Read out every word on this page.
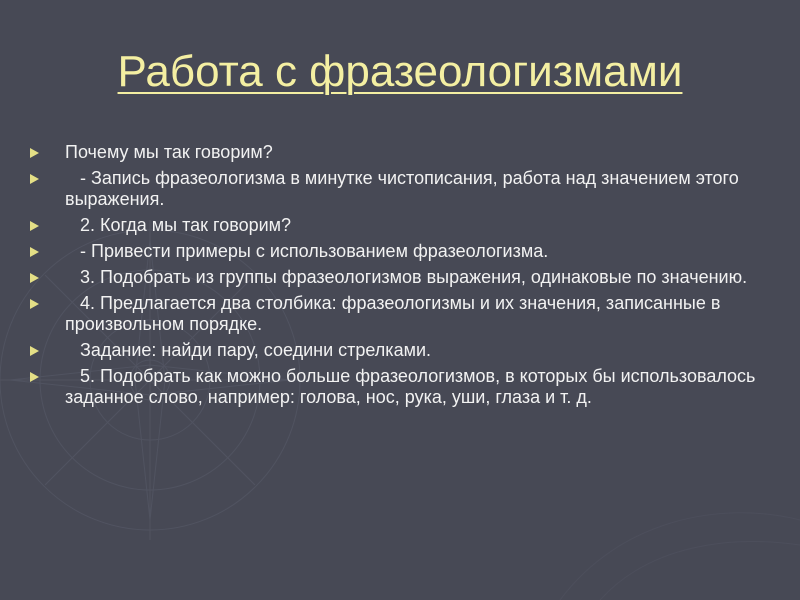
Работа с фразеологизмами
Почему мы так говорим?
- Запись фразеологизма в минутке чистописания, работа над значением этого выражения.
2. Когда мы так говорим?
- Привести примеры с использованием фразеологизма.
3. Подобрать из группы фразеологизмов выражения, одинаковые по значению.
4. Предлагается два столбика: фразеологизмы и их значения, записанные в произвольном порядке.
Задание: найди пару, соедини стрелками.
5. Подобрать как можно больше фразеологизмов, в которых бы использовалось заданное слово, например: голова, нос, рука, уши, глаза и т. д.
